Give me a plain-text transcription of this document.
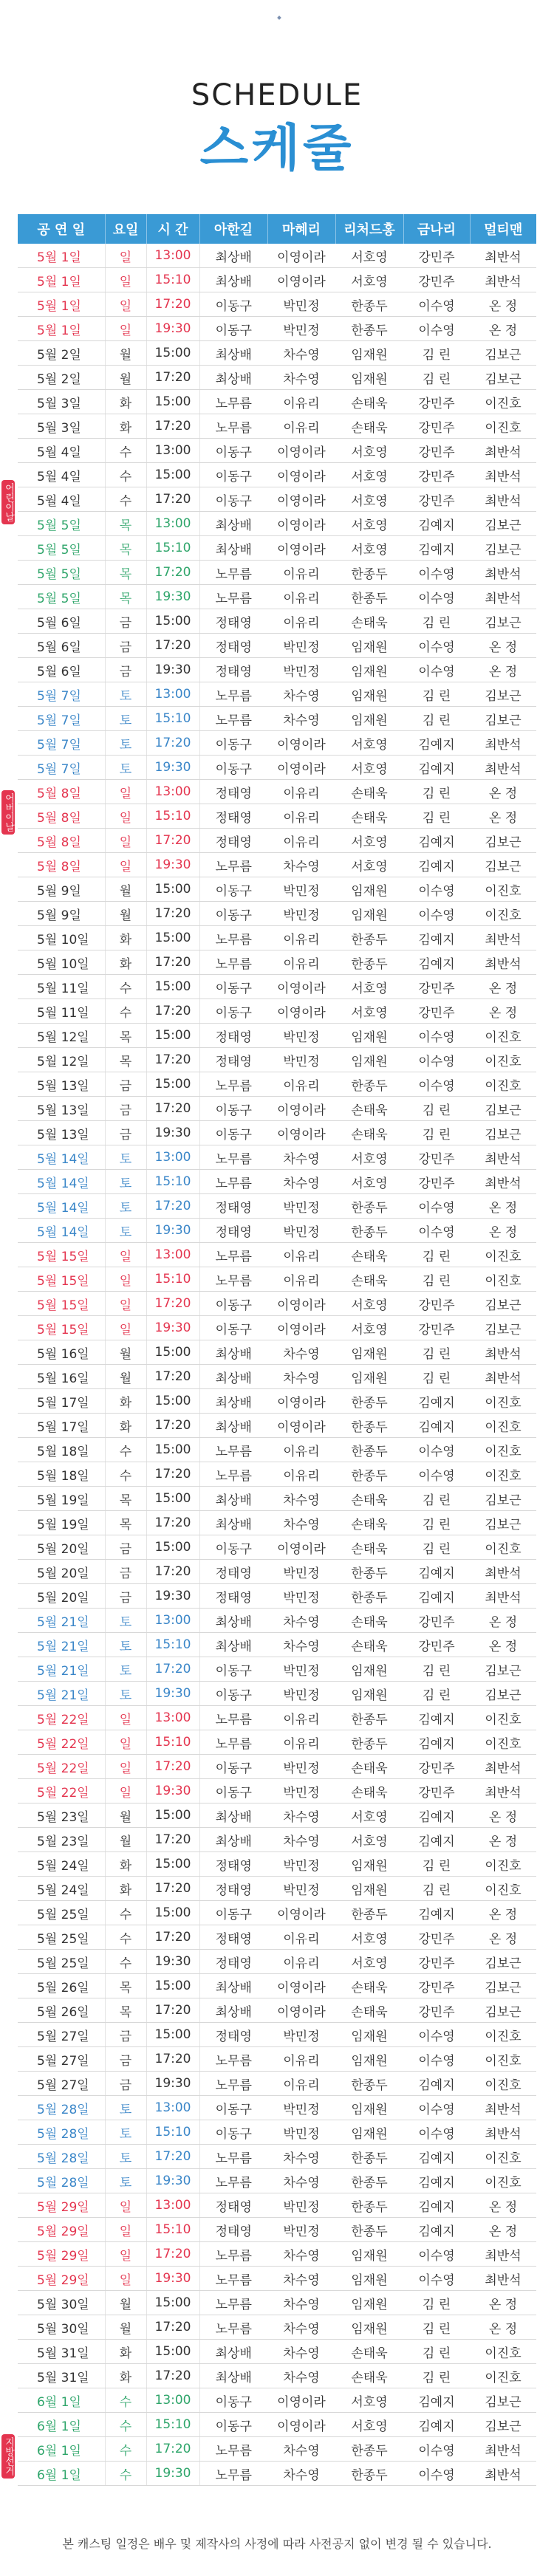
SCHEDULE
스케줄
공 연 일	요일	시 간	아한길	마혜리	리처드홍	금나리	멀티맨
5월 1일	일	13:00	최상배	이영이라	서호영	강민주	최반석
5월 1일	일	15:10	최상배	이영이라	서호영	강민주	최반석
5월 1일	일	17:20	이동구	박민정	한종두	이수영	온 정
5월 1일	일	19:30	이동구	박민정	한종두	이수영	온 정
5월 2일	월	15:00	최상배	차수영	임재원	김 린	김보근
5월 2일	월	17:20	최상배	차수영	임재원	김 린	김보근
5월 3일	화	15:00	노무름	이유리	손태욱	강민주	이진호
5월 3일	화	17:20	노무름	이유리	손태욱	강민주	이진호
5월 4일	수	13:00	이동구	이영이라	서호영	강민주	최반석
5월 4일	수	15:00	이동구	이영이라	서호영	강민주	최반석
5월 4일	수	17:20	이동구	이영이라	서호영	강민주	최반석
5월 5일	목	13:00	최상배	이영이라	서호영	김예지	김보근
5월 5일	목	15:10	최상배	이영이라	서호영	김예지	김보근
5월 5일	목	17:20	노무름	이유리	한종두	이수영	최반석
5월 5일	목	19:30	노무름	이유리	한종두	이수영	최반석
5월 6일	금	15:00	정태영	이유리	손태욱	김 린	김보근
5월 6일	금	17:20	정태영	박민정	임재원	이수영	온 정
5월 6일	금	19:30	정태영	박민정	임재원	이수영	온 정
5월 7일	토	13:00	노무름	차수영	임재원	김 린	김보근
5월 7일	토	15:10	노무름	차수영	임재원	김 린	김보근
5월 7일	토	17:20	이동구	이영이라	서호영	김예지	최반석
5월 7일	토	19:30	이동구	이영이라	서호영	김예지	최반석
5월 8일	일	13:00	정태영	이유리	손태욱	김 린	온 정
5월 8일	일	15:10	정태영	이유리	손태욱	김 린	온 정
5월 8일	일	17:20	정태영	이유리	서호영	김예지	김보근
5월 8일	일	19:30	노무름	차수영	서호영	김예지	김보근
5월 9일	월	15:00	이동구	박민정	임재원	이수영	이진호
5월 9일	월	17:20	이동구	박민정	임재원	이수영	이진호
5월 10일	화	15:00	노무름	이유리	한종두	김예지	최반석
5월 10일	화	17:20	노무름	이유리	한종두	김예지	최반석
5월 11일	수	15:00	이동구	이영이라	서호영	강민주	온 정
5월 11일	수	17:20	이동구	이영이라	서호영	강민주	온 정
5월 12일	목	15:00	정태영	박민정	임재원	이수영	이진호
5월 12일	목	17:20	정태영	박민정	임재원	이수영	이진호
5월 13일	금	15:00	노무름	이유리	한종두	이수영	이진호
5월 13일	금	17:20	이동구	이영이라	손태욱	김 린	김보근
5월 13일	금	19:30	이동구	이영이라	손태욱	김 린	김보근
5월 14일	토	13:00	노무름	차수영	서호영	강민주	최반석
5월 14일	토	15:10	노무름	차수영	서호영	강민주	최반석
5월 14일	토	17:20	정태영	박민정	한종두	이수영	온 정
5월 14일	토	19:30	정태영	박민정	한종두	이수영	온 정
5월 15일	일	13:00	노무름	이유리	손태욱	김 린	이진호
5월 15일	일	15:10	노무름	이유리	손태욱	김 린	이진호
5월 15일	일	17:20	이동구	이영이라	서호영	강민주	김보근
5월 15일	일	19:30	이동구	이영이라	서호영	강민주	김보근
5월 16일	월	15:00	최상배	차수영	임재원	김 린	최반석
5월 16일	월	17:20	최상배	차수영	임재원	김 린	최반석
5월 17일	화	15:00	최상배	이영이라	한종두	김예지	이진호
5월 17일	화	17:20	최상배	이영이라	한종두	김예지	이진호
5월 18일	수	15:00	노무름	이유리	한종두	이수영	이진호
5월 18일	수	17:20	노무름	이유리	한종두	이수영	이진호
5월 19일	목	15:00	최상배	차수영	손태욱	김 린	김보근
5월 19일	목	17:20	최상배	차수영	손태욱	김 린	김보근
5월 20일	금	15:00	이동구	이영이라	손태욱	김 린	이진호
5월 20일	금	17:20	정태영	박민정	한종두	김예지	최반석
5월 20일	금	19:30	정태영	박민정	한종두	김예지	최반석
5월 21일	토	13:00	최상배	차수영	손태욱	강민주	온 정
5월 21일	토	15:10	최상배	차수영	손태욱	강민주	온 정
5월 21일	토	17:20	이동구	박민정	임재원	김 린	김보근
5월 21일	토	19:30	이동구	박민정	임재원	김 린	김보근
5월 22일	일	13:00	노무름	이유리	한종두	김예지	이진호
5월 22일	일	15:10	노무름	이유리	한종두	김예지	이진호
5월 22일	일	17:20	이동구	박민정	손태욱	강민주	최반석
5월 22일	일	19:30	이동구	박민정	손태욱	강민주	최반석
5월 23일	월	15:00	최상배	차수영	서호영	김예지	온 정
5월 23일	월	17:20	최상배	차수영	서호영	김예지	온 정
5월 24일	화	15:00	정태영	박민정	임재원	김 린	이진호
5월 24일	화	17:20	정태영	박민정	임재원	김 린	이진호
5월 25일	수	15:00	이동구	이영이라	한종두	김예지	온 정
5월 25일	수	17:20	정태영	이유리	서호영	강민주	온 정
5월 25일	수	19:30	정태영	이유리	서호영	강민주	김보근
5월 26일	목	15:00	최상배	이영이라	손태욱	강민주	김보근
5월 26일	목	17:20	최상배	이영이라	손태욱	강민주	김보근
5월 27일	금	15:00	정태영	박민정	임재원	이수영	이진호
5월 27일	금	17:20	노무름	이유리	임재원	이수영	이진호
5월 27일	금	19:30	노무름	이유리	한종두	김예지	이진호
5월 28일	토	13:00	이동구	박민정	임재원	이수영	최반석
5월 28일	토	15:10	이동구	박민정	임재원	이수영	최반석
5월 28일	토	17:20	노무름	차수영	한종두	김예지	이진호
5월 28일	토	19:30	노무름	차수영	한종두	김예지	이진호
5월 29일	일	13:00	정태영	박민정	한종두	김예지	온 정
5월 29일	일	15:10	정태영	박민정	한종두	김예지	온 정
5월 29일	일	17:20	노무름	차수영	임재원	이수영	최반석
5월 29일	일	19:30	노무름	차수영	임재원	이수영	최반석
5월 30일	월	15:00	노무름	차수영	임재원	김 린	온 정
5월 30일	월	17:20	노무름	차수영	임재원	김 린	온 정
5월 31일	화	15:00	최상배	차수영	손태욱	김 린	이진호
5월 31일	화	17:20	최상배	차수영	손태욱	김 린	이진호
6월 1일	수	13:00	이동구	이영이라	서호영	김예지	김보근
6월 1일	수	15:10	이동구	이영이라	서호영	김예지	김보근
6월 1일	수	17:20	노무름	차수영	한종두	이수영	최반석
6월 1일	수	19:30	노무름	차수영	한종두	이수영	최반석
어린이날
어버이날
지방선거
본 캐스팅 일정은 배우 및 제작사의 사정에 따라 사전공지 없이 변경 될 수 있습니다.
